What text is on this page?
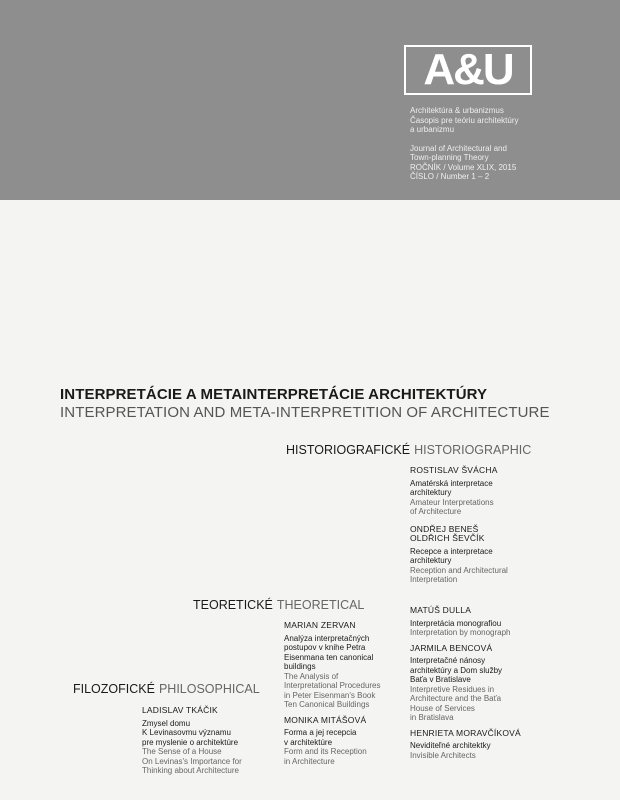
A&U
Architektúra & urbanizmus
Časopis pre teóriu architektúry
a urbanizmu
Journal of Architectural and
Town-planning Theory
ROČNÍK / Volume XLIX, 2015
ČÍSLO / Number 1 – 2
INTERPRETÁCIE A METAINTERPRETÁCIE ARCHITEKTÚRY
INTERPRETATION AND META-INTERPRETITION OF ARCHITECTURE
HISTORIOGRAFICKÉ HISTORIOGRAPHIC
TEORETICKÉ THEORETICAL
FILOZOFICKÉ PHILOSOPHICAL
ROSTISLAV ŠVÁCHA
Amatérská interpretace
architektury
Amateur Interpretations
of Architecture
ONDŘEJ BENEŠ
OLDŘICH ŠEVČÍK
Recepce a interpretace
architektury
Reception and Architectural
Interpretation
MATÚŠ DULLA
Interpretácia monografiou
Interpretation by monograph
JARMILA BENCOVÁ
Interpretačné nánosy
architektúry a Dom služby
Baťa v Bratislave
Interpretive Residues in
Architecture and the Baťa
House of Services
in Bratislava
HENRIETA MORAVČÍKOVÁ
Neviditeľné architektky
Invisible Architects
MARIAN ZERVAN
Analýza interpretačných
postupov v knihe Petra
Eisenmana ten canonical
buildings
The Analysis of
Interpretational Procedures
in Peter Eisenman's Book
Ten Canonical Buildings
MONIKA MITÁŠOVÁ
Forma a jej recepcia
v architektúre
Form and its Reception
in Architecture
LADISLAV TKÁČIK
Zmysel domu
K Levinasovmu významu
pre myslenie o architektúre
The Sense of a House
On Levinas's Importance for
Thinking about Architecture
